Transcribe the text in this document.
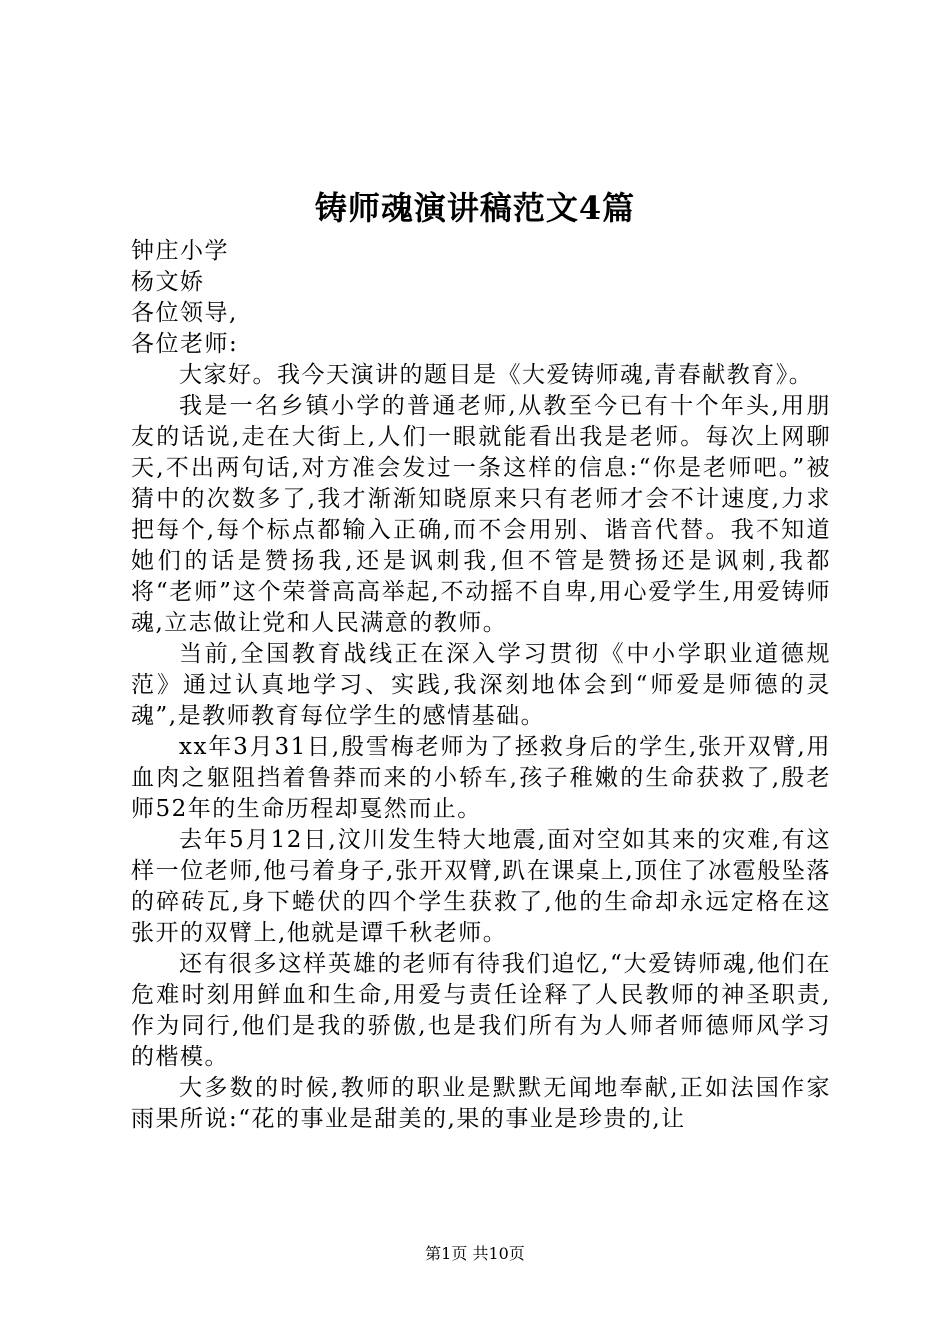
铸师魂演讲稿范文4篇

钟庄小学

杨文娇

各位领导,

各位老师:

大家好。我今天演讲的题目是《大爱铸师魂,青春献教育》。

我是一名乡镇小学的普通老师,从教至今已有十个年头,用朋友的话说,走在大街上,人们一眼就能看出我是老师。每次上网聊天,不出两句话,对方准会发过一条这样的信息:“你是老师吧。”被猜中的次数多了,我才渐渐知晓原来只有老师才会不计速度,力求把每个,每个标点都输入正确,而不会用别、谐音代替。我不知道她们的话是赞扬我,还是讽刺我,但不管是赞扬还是讽刺,我都将“老师”这个荣誉高高举起,不动摇不自卑,用心爱学生,用爱铸师魂,立志做让党和人民满意的教师。

当前,全国教育战线正在深入学习贯彻《中小学职业道德规范》通过认真地学习、实践,我深刻地体会到“师爱是师德的灵魂”,是教师教育每位学生的感情基础。

xx年3月31日,殷雪梅老师为了拯救身后的学生,张开双臂,用血肉之躯阻挡着鲁莽而来的小轿车,孩子稚嫩的生命获救了,殷老师52年的生命历程却戛然而止。

去年5月12日,汶川发生特大地震,面对空如其来的灾难,有这样一位老师,他弓着身子,张开双臂,趴在课桌上,顶住了冰雹般坠落的碎砖瓦,身下蜷伏的四个学生获救了,他的生命却永远定格在这张开的双臂上,他就是谭千秋老师。

还有很多这样英雄的老师有待我们追忆,“大爱铸师魂,他们在危难时刻用鲜血和生命,用爱与责任诠释了人民教师的神圣职责,作为同行,他们是我的骄傲,也是我们所有为人师者师德师风学习的楷模。

大多数的时候,教师的职业是默默无闻地奉献,正如法国作家雨果所说:“花的事业是甜美的,果的事业是珍贵的,让

第1页 共10页
